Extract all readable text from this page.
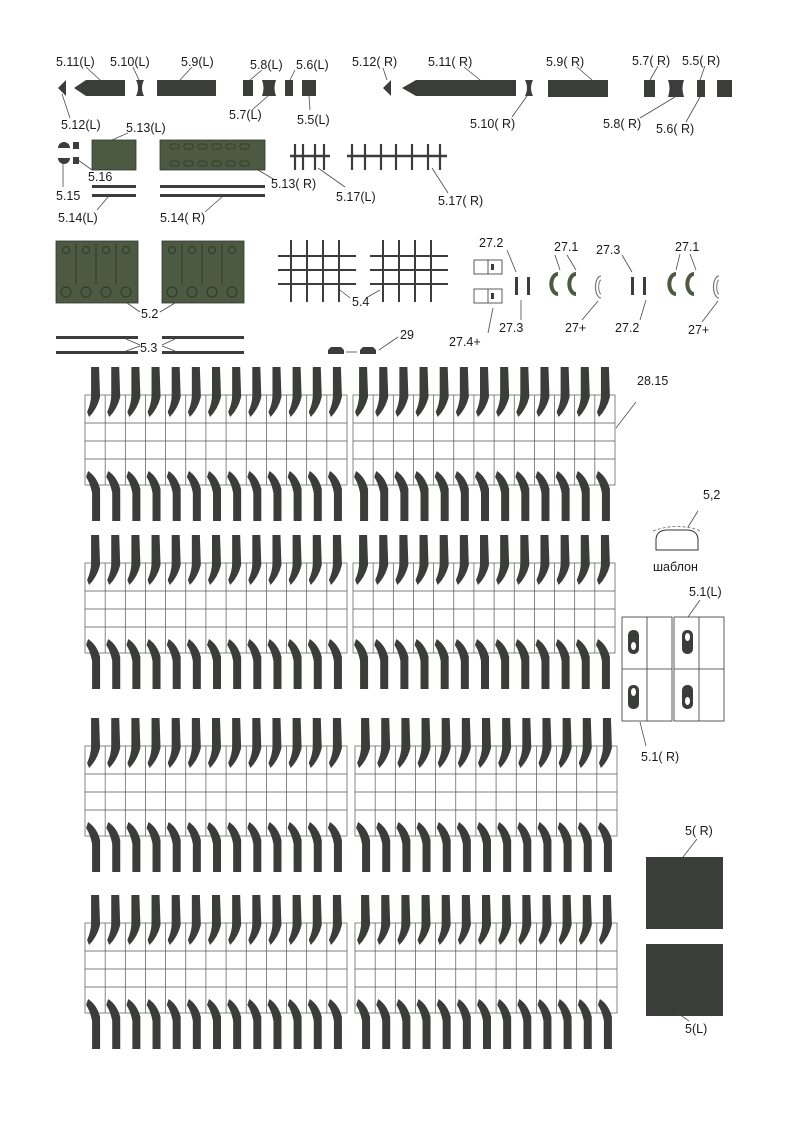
5.11(L) 5.10(L)	5.9(L)	5.8(L) 5.6(L)
5.7(L)	5.5(L)
5.12(L)
5.12( R) 5.11( R)	5.9( R)	5.7( R) 5.5( R)
5.10( R)	5.8( R) 5.6( R)
5.13(L)
5.13( R)
5.15
5.16
5.14(L)	5.14( R)
5.17(L)	5.17( R)
5.2
5.4
5.3
29
27.2	27.1 27.3	27.1
27.4+
27.3	27+ 27.2	27+
28.15
5,2
шаблон
5.1(L)
5.1( R)
5( R)
5(L)
